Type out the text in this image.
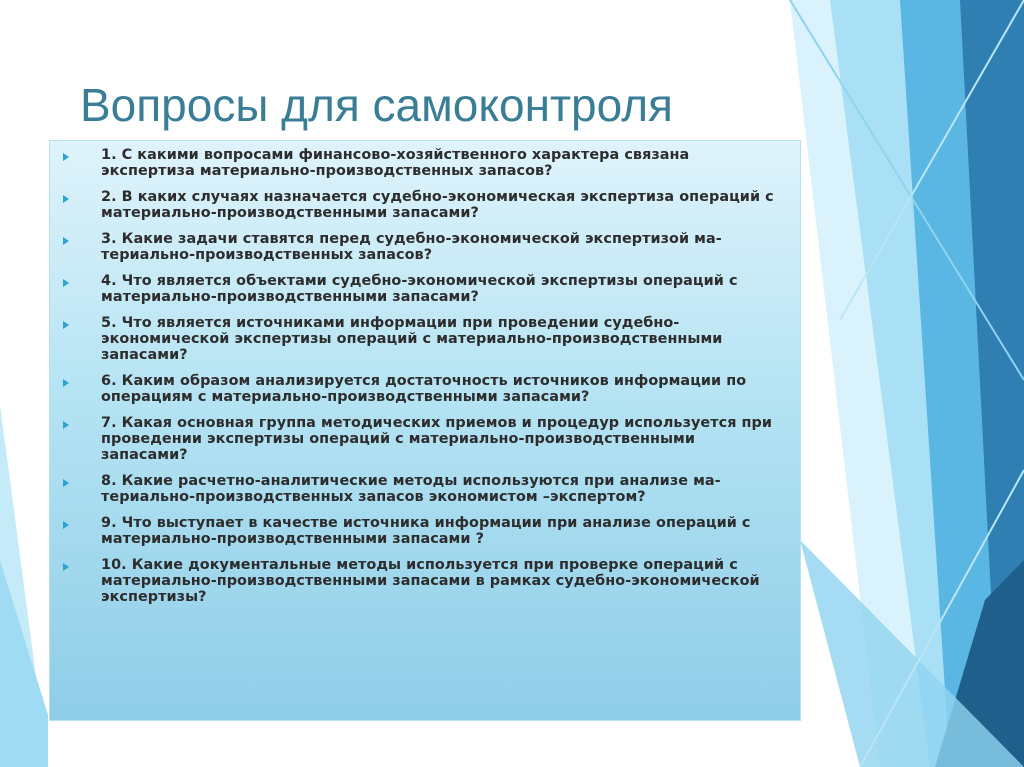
Вопросы для самоконтроля
1. С какими вопросами финансово-хозяйственного характера связана экспертиза материально-производственных запасов?
2. В каких случаях назначается судебно-экономическая экспертиза операций с материально-производственными запасами?
3. Какие задачи ставятся перед судебно-экономической экспертизой ма-териально-производственных запасов?
4. Что является объектами судебно-экономической экспертизы операций с материально-производственными запасами?
5. Что является источниками информации при проведении судебно-экономической экспертизы операций с материально-производственными запасами?
6. Каким образом анализируется достаточность источников информации по операциям с материально-производственными запасами?
7. Какая основная группа методических приемов и процедур используется при проведении экспертизы операций с материально-производственными запасами?
8. Какие расчетно-аналитические методы используются при анализе ма-териально-производственных запасов экономистом –экспертом?
9. Что выступает в качестве источника информации при анализе операций с материально-производственными запасами ?
10. Какие документальные методы используется при проверке операций с материально-производственными запасами в рамках судебно-экономической экспертизы?
